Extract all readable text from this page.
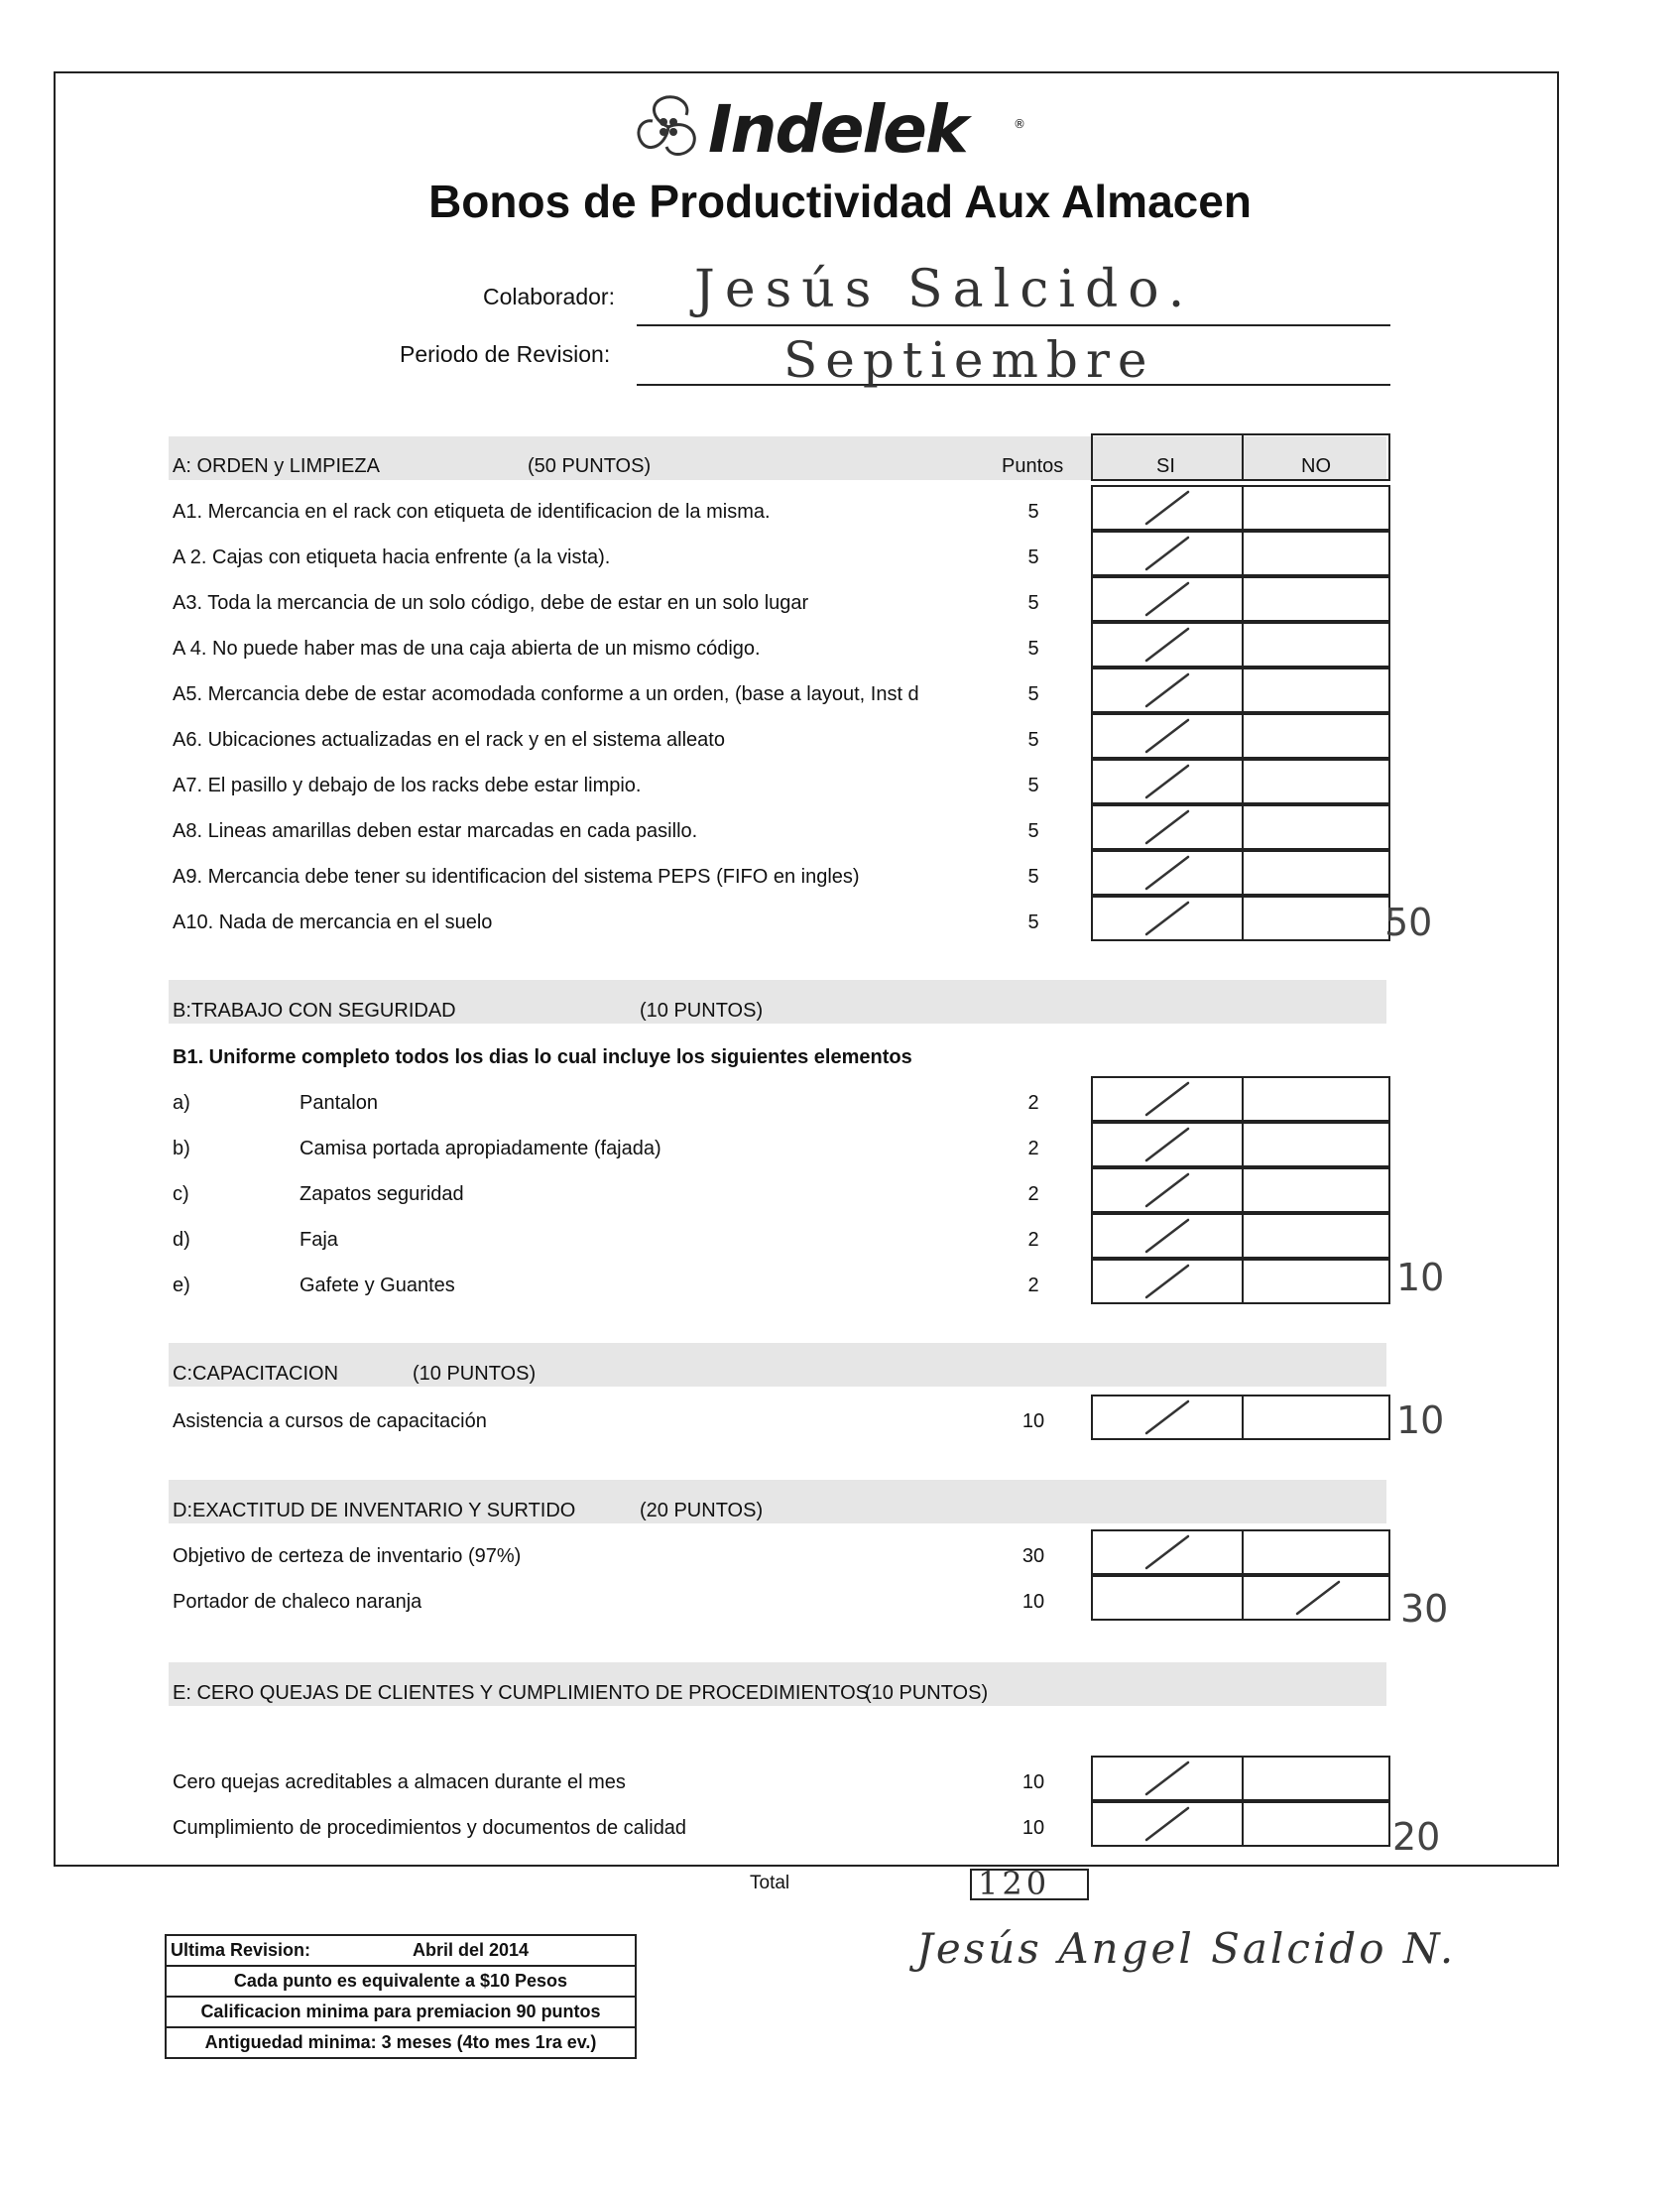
Indelek	®
Bonos de Productividad Aux Almacen
Colaborador: Jesús Salcido.
Periodo de Revision:	Septiembre
A: ORDEN y LIMPIEZA	(50 PUNTOS)	Puntos	SI	NO
A1. Mercancia en el rack con etiqueta de identificacion de la misma.	5
A 2. Cajas con etiqueta hacia enfrente (a la vista).	5
A3. Toda la mercancia de un solo código, debe de estar en un solo lugar	5
A 4. No puede haber mas de una caja abierta de un mismo código.	5
A5. Mercancia debe de estar acomodada conforme a un orden, (base a layout, Inst d	5
A6. Ubicaciones actualizadas en el rack y en el sistema alleato	5
A7. El pasillo y debajo de los racks debe estar limpio.	5
A8. Lineas amarillas deben estar marcadas en cada pasillo.	5
A9. Mercancia debe tener su identificacion del sistema PEPS (FIFO en ingles)	5
A10. Nada de mercancia en el suelo	5	50
B:TRABAJO CON SEGURIDAD	(10 PUNTOS)
B1. Uniforme completo todos los dias lo cual incluye los siguientes elementos
a)	Pantalon	2
b)	Camisa portada apropiadamente (fajada)	2
c)	Zapatos seguridad	2
d)	Faja	2
e)	Gafete y Guantes	2	10
C:CAPACITACION	(10 PUNTOS)
Asistencia a cursos de capacitación	10	10
D:EXACTITUD DE INVENTARIO Y SURTIDO	(20 PUNTOS)
Objetivo de certeza de inventario (97%)	30
Portador de chaleco naranja	10	30
E: CERO QUEJAS DE CLIENTES Y CUMPLIMIENTO DE PROCEDIMIENTOS
(10 PUNTOS)
Cero quejas acreditables a almacen durante el mes	10
Cumplimiento de procedimientos y documentos de calidad	10	20
Total	120
Jesús Angel Salcido N.
Ultima Revision:	Abril del 2014
Cada punto es equivalente a $10 Pesos
Calificacion minima para premiacion 90 puntos
Antiguedad minima: 3 meses (4to mes 1ra ev.)
